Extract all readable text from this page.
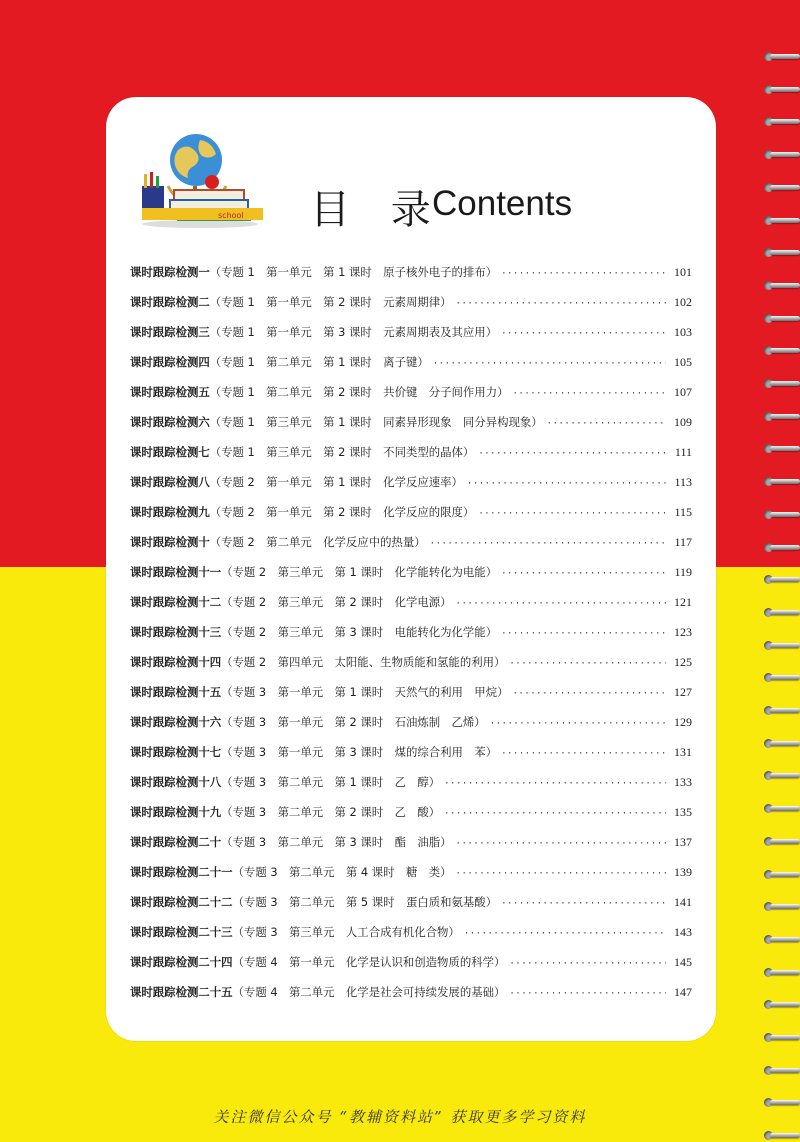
school 目 录
Contents
课时跟踪检测一（专题 1　第一单元　第 1 课时　原子核外电子的排布） ·····	101
课时跟踪检测二（专题 1　第一单元　第 2 课时　元素周期律） ·····	102
课时跟踪检测三（专题 1　第一单元　第 3 课时　元素周期表及其应用） ·····	103
课时跟踪检测四（专题 1　第二单元　第 1 课时　离子键） ·····	105
课时跟踪检测五（专题 1　第二单元　第 2 课时　共价键　分子间作用力） ·····	107
课时跟踪检测六（专题 1　第三单元　第 1 课时　同素异形现象　同分异构现象） ·····	109
课时跟踪检测七（专题 1　第三单元　第 2 课时　不同类型的晶体） ·····	111
课时跟踪检测八（专题 2　第一单元　第 1 课时　化学反应速率） ·····	113
课时跟踪检测九（专题 2　第一单元　第 2 课时　化学反应的限度） ·····	115
课时跟踪检测十（专题 2　第二单元　化学反应中的热量） ·····	117
课时跟踪检测十一（专题 2　第三单元　第 1 课时　化学能转化为电能） ·····	119
课时跟踪检测十二（专题 2　第三单元　第 2 课时　化学电源） ·····	121
课时跟踪检测十三（专题 2　第三单元　第 3 课时　电能转化为化学能） ·····	123
课时跟踪检测十四（专题 2　第四单元　太阳能、生物质能和氢能的利用） ·····	125
课时跟踪检测十五（专题 3　第一单元　第 1 课时　天然气的利用　甲烷） ·····	127
课时跟踪检测十六（专题 3　第一单元　第 2 课时　石油炼制　乙烯） ·····	129
课时跟踪检测十七（专题 3　第一单元　第 3 课时　煤的综合利用　苯） ·····	131
课时跟踪检测十八（专题 3　第二单元　第 1 课时　乙　醇） ·····	133
课时跟踪检测十九（专题 3　第二单元　第 2 课时　乙　酸） ·····	135
课时跟踪检测二十（专题 3　第二单元　第 3 课时　酯　油脂） ·····	137
课时跟踪检测二十一（专题 3　第二单元　第 4 课时　糖　类） ·····	139
课时跟踪检测二十二（专题 3　第二单元　第 5 课时　蛋白质和氨基酸） ·····	141
课时跟踪检测二十三（专题 3　第三单元　人工合成有机化合物） ·····	143
课时跟踪检测二十四（专题 4　第一单元　化学是认识和创造物质的科学） ·····	145
课时跟踪检测二十五（专题 4　第二单元　化学是社会可持续发展的基础） ·····	147
关注微信公众号 “教辅资料站” 获取更多学习资料
